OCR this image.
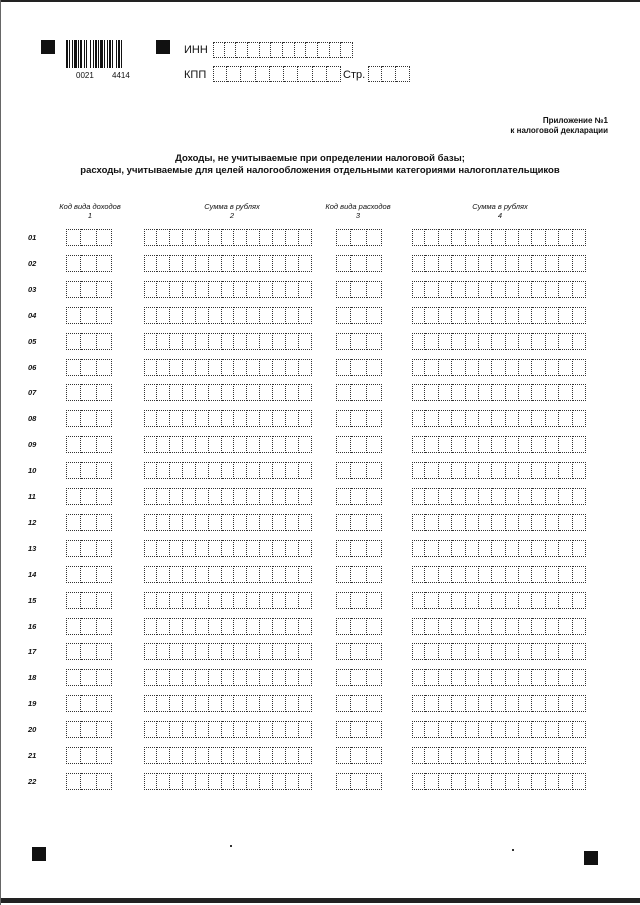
0021 4414
ИНН
КПП	Стр.
Приложение №1
к налоговой декларации
Доходы, не учитываемые при определении налоговой базы;
расходы, учитываемые для целей налогообложения отдельными категориями налогоплательщиков
Код вида доходов
1
Сумма в рублях
2
Код вида расходов
3
Сумма в рублях
4
01
02
03
04
05
06
07
08
09
10
11
12
13
14
15
16
17
18
19
20
21
22
